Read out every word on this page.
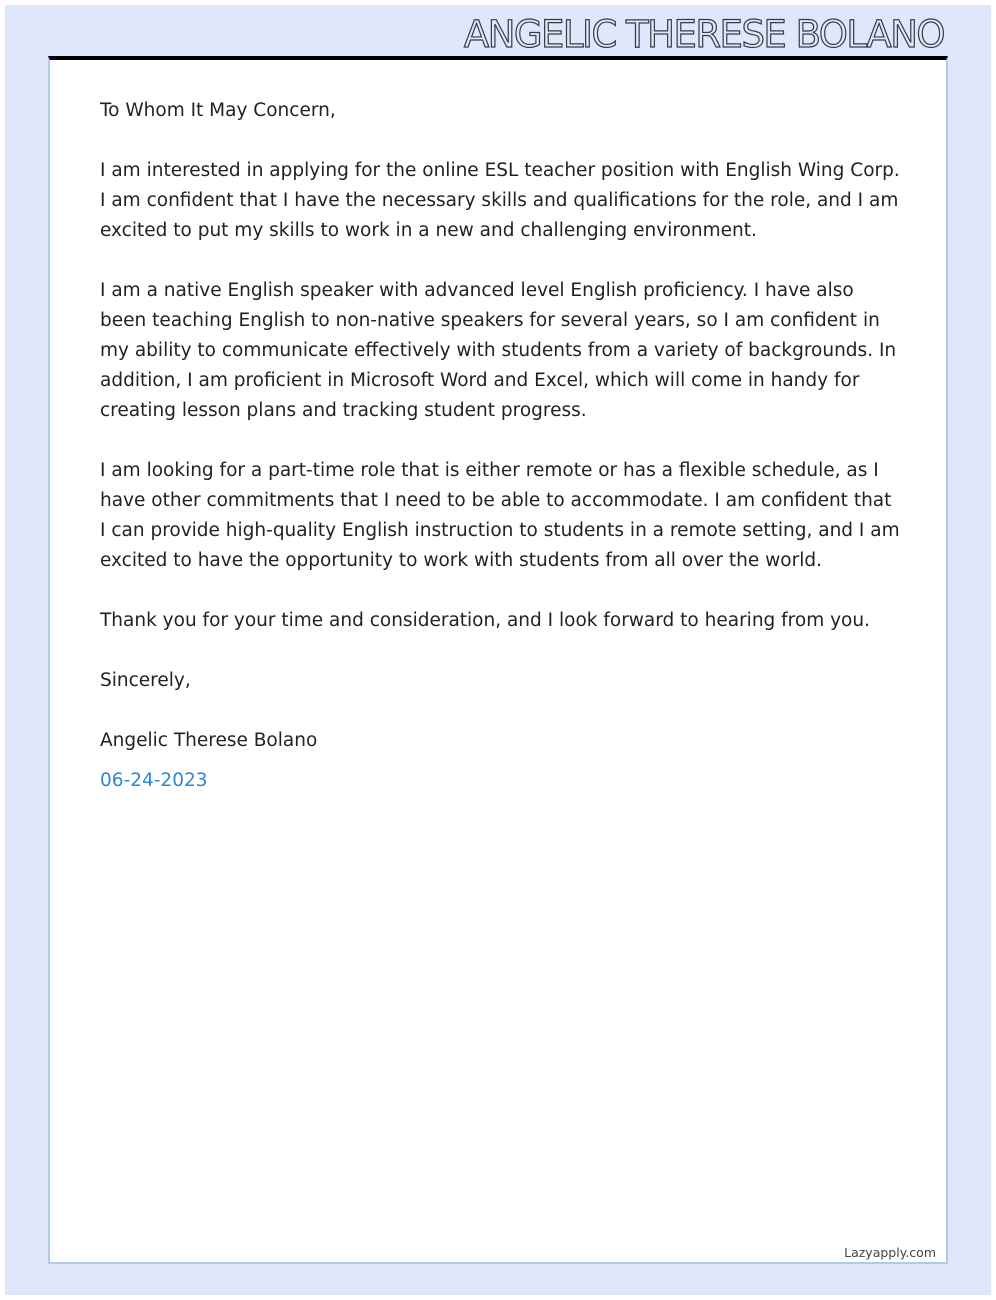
ANGELIC THERESE BOLANO

To Whom It May Concern,

I am interested in applying for the online ESL teacher position with English Wing Corp. I am confident that I have the necessary skills and qualifications for the role, and I am excited to put my skills to work in a new and challenging environment.

I am a native English speaker with advanced level English proficiency. I have also been teaching English to non-native speakers for several years, so I am confident in my ability to communicate effectively with students from a variety of backgrounds. In addition, I am proficient in Microsoft Word and Excel, which will come in handy for creating lesson plans and tracking student progress.

I am looking for a part-time role that is either remote or has a flexible schedule, as I have other commitments that I need to be able to accommodate. I am confident that I can provide high-quality English instruction to students in a remote setting, and I am excited to have the opportunity to work with students from all over the world.

Thank you for your time and consideration, and I look forward to hearing from you.

Sincerely,

Angelic Therese Bolano

06-24-2023

Lazyapply.com
